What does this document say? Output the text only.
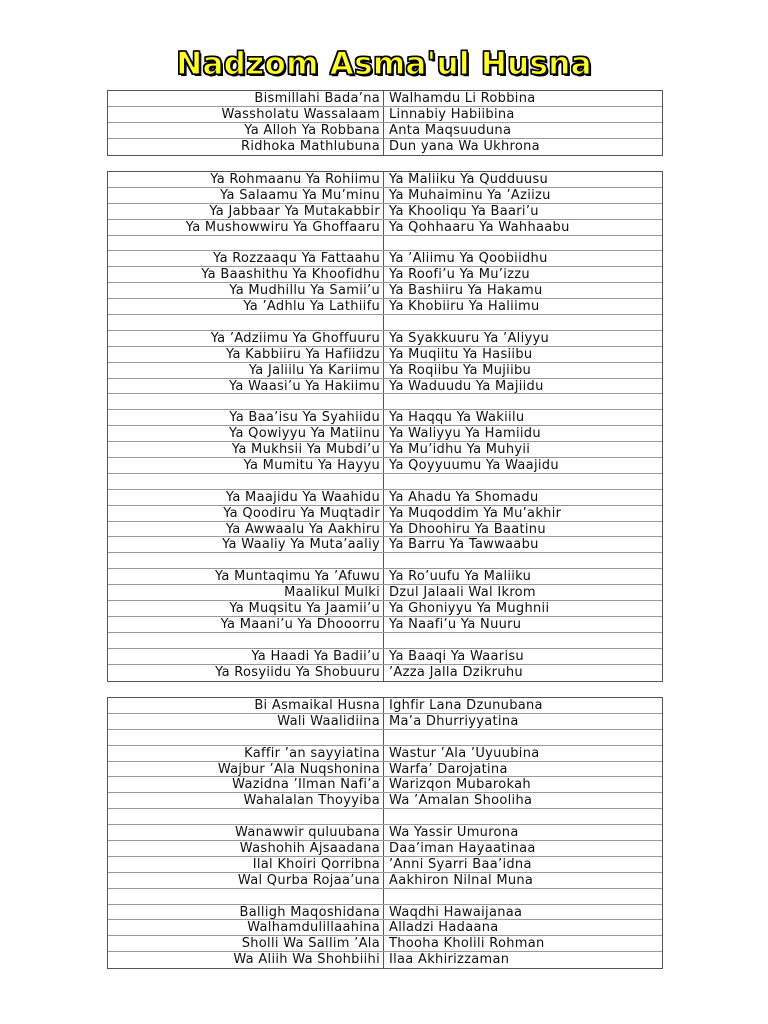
Nadzom Asma'ul Husna
Bismillahi Bada’na Walhamdu Li Robbina
Wassholatu Wassalaam Linnabiy Habiibina
Ya Alloh Ya Robbana Anta Maqsuuduna
Ridhoka Mathlubuna Dun yana Wa Ukhrona
Ya Rohmaanu Ya Rohiimu Ya Maliiku Ya Qudduusu
Ya Salaamu Ya Mu’minu Ya Muhaiminu Ya ’Aziizu
Ya Jabbaar Ya Mutakabbir Ya Khooliqu Ya Baari’u
Ya Mushowwiru Ya Ghoffaaru Ya Qohhaaru Ya Wahhaabu
Ya Rozzaaqu Ya Fattaahu Ya ’Aliimu Ya Qoobiidhu
Ya Baashithu Ya Khoofidhu Ya Roofi’u Ya Mu’izzu
Ya Mudhillu Ya Samii’u Ya Bashiiru Ya Hakamu
Ya ’Adhlu Ya Lathiifu Ya Khobiiru Ya Haliimu
Ya ’Adziimu Ya Ghoffuuru Ya Syakkuuru Ya ’Aliyyu
Ya Kabbiiru Ya Hafiidzu Ya Muqiitu Ya Hasiibu
Ya Jaliilu Ya Kariimu Ya Roqiibu Ya Mujiibu
Ya Waasi’u Ya Hakiimu Ya Waduudu Ya Majiidu
Ya Baa’isu Ya Syahiidu Ya Haqqu Ya Wakiilu
Ya Qowiyyu Ya Matiinu Ya Waliyyu Ya Hamiidu
Ya Mukhsii Ya Mubdi’u Ya Mu’idhu Ya Muhyii
Ya Mumitu Ya Hayyu Ya Qoyyuumu Ya Waajidu
Ya Maajidu Ya Waahidu Ya Ahadu Ya Shomadu
Ya Qoodiru Ya Muqtadir Ya Muqoddim Ya Mu’akhir
Ya Awwaalu Ya Aakhiru Ya Dhoohiru Ya Baatinu
Ya Waaliy Ya Muta’aaliy Ya Barru Ya Tawwaabu
Ya Muntaqimu Ya ’Afuwu Ya Ro’uufu Ya Maliiku
Maalikul Mulki Dzul Jalaali Wal Ikrom
Ya Muqsitu Ya Jaamii’u Ya Ghoniyyu Ya Mughnii
Ya Maani’u Ya Dhooorru Ya Naafi’u Ya Nuuru
Ya Haadi Ya Badii’u Ya Baaqi Ya Waarisu
Ya Rosyiidu Ya Shobuuru ’Azza Jalla Dzikruhu
Bi Asmaikal Husna Ighfir Lana Dzunubana
Wali Waalidiina Ma’a Dhurriyyatina
Kaffir ’an sayyiatina Wastur ’Ala ’Uyuubina
Wajbur ’Ala Nuqshonina Warfa’ Darojatina
Wazidna ’Ilman Nafi’a Warizqon Mubarokah
Wahalalan Thoyyiba Wa ’Amalan Shooliha
Wanawwir quluubana Wa Yassir Umurona
Washohih Ajsaadana Daa’iman Hayaatinaa
Ilal Khoiri Qorribna ’Anni Syarri Baa’idna
Wal Qurba Rojaa’una Aakhiron Nilnal Muna
Balligh Maqoshidana Waqdhi Hawaijanaa
Walhamdulillaahina Alladzi Hadaana
Sholli Wa Sallim ’Ala Thooha Kholili Rohman
Wa Aliih Wa Shohbiihi Ilaa Akhirizzaman
